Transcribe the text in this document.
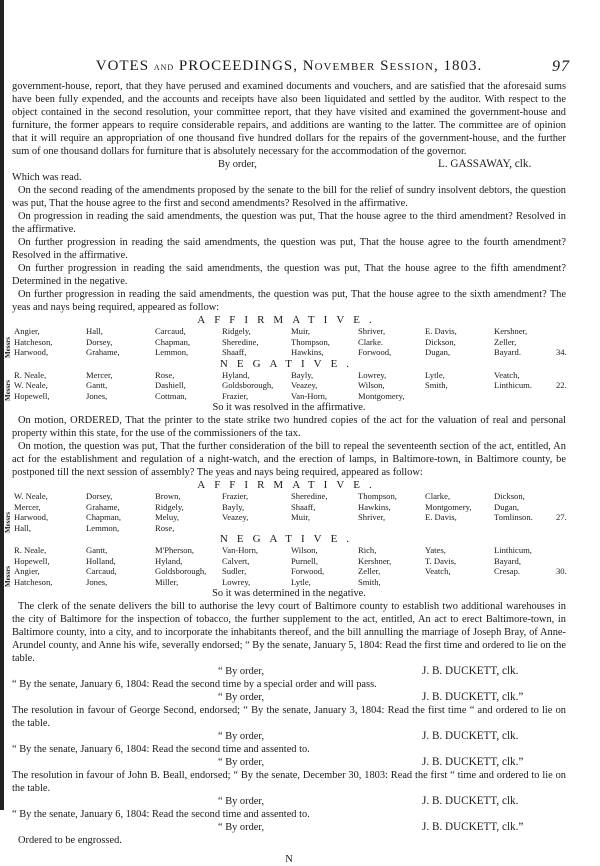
VOTES and PROCEEDINGS, November Session, 1803.	97

government-house, report, that they have perused and examined documents and vouchers, and are satisfied that the aforesaid sums have been fully expended, and the accounts and receipts have also been liquidated and settled by the auditor. With respect to the object contained in the second resolution, your committee report, that they have visited and examined the government-house and furniture, the former appears to require considerable repairs, and additions are wanting to the latter. The committee are of opinion that it will require an appropriation of one thousand five hundred dollars for the repairs of the government-house, and the further sum of one thousand dollars for furniture that is absolutely necessary for the accommodation of the governor.

By order,	L. GASSAWAY, clk.

Which was read.

On the second reading of the amendments proposed by the senate to the bill for the relief of sundry insolvent debtors, the question was put, That the house agree to the first and second amendments? Resolved in the affirmative.

On progression in reading the said amendments, the question was put, That the house agree to the third amendment? Resolved in the affirmative.

On further progression in reading the said amendments, the question was put, That the house agree to the fourth amendment? Resolved in the affirmative.

On further progression in reading the said amendments, the question was put, That the house agree to the fifth amendment? Determined in the negative.

On further progression in reading the said amendments, the question was put, That the house agree to the sixth amendment? The yeas and nays being required, appeared as follow:

AFFIRMATIVE.
Messrs
Angier,	Hall,	Carcaud,	Ridgely,	Muir,	Shriver,	E. Davis,	Kershner,
Hatcheson,	Dorsey,	Chapman,	Sheredine,	Thompson,	Clarke.	Dickson,	Zeller,
Harwood,	Grahame,	Lemmon,	Shaaff,	Hawkins,	Forwood,	Dugan,	Bayard.	34.
NEGATIVE.
Messrs
R. Neale,	Mercer,	Rose,	Hyland,	Bayly,	Lowrey,	Lytle,	Veatch,
W. Neale,	Gantt,	Dashiell,	Goldsborough, Veazey,	Wilson,	Smith,	Linthicum.	22.
Hopewell,	Jones,	Cottman,	Frazier,	Van-Horn,	Montgomery,
So it was resolved in the affirmative.

On motion, ORDERED, That the printer to the state strike two hundred copies of the act for the valuation of real and personal property within this state, for the use of the commissioners of the tax.

On motion, the question was put, That the further consideration of the bill to repeal the seventeenth section of the act, entitled, An act for the establishment and regulation of a night-watch, and the erection of lamps, in Baltimore-town, in Baltimore county, be postponed till the next session of assembly? The yeas and nays being required, appeared as follow:

AFFIRMATIVE.
Messrs
W. Neale,	Dorsey,	Brown,	Frazier,	Sheredine,	Thompson,	Clarke,	Dickson,
Mercer,	Grahame,	Ridgely,	Bayly,	Shaaff,	Hawkins,	Montgomery,	Dugan,
Harwood,	Chapman,	Meluy,	Veazey,	Muir,	Shriver,	E. Davis,	Tomlinson.	27.
Hall,	Lemmon,	Rose,
NEGATIVE.
Messrs
R. Neale,	Gantt,	M'Pherson,	Van-Horn,	Wilson,	Rich,	Yates,	Linthicum,
Hopewell,	Holland,	Hyland,	Calvert,	Purnell,	Kershner,	T. Davis,	Bayard,
Angier,	Carcaud,	Goldsborough, Sudler,	Forwood,	Zeller,	Veatch,	Cresap.	30.
Hatcheson,	Jones,	Miller,	Lowrey,	Lytle,	Smith,
So it was determined in the negative.

The clerk of the senate delivers the bill to authorise the levy court of Baltimore county to establish two additional warehouses in the city of Baltimore for the inspection of tobacco, the further supplement to the act, entitled, An act to erect Baltimore-town, in Baltimore county, into a city, and to incorporate the inhabitants thereof, and the bill annulling the marriage of Joseph Bray, of Anne-Arundel county, and Anne his wife, severally endorsed; “ By the senate, January 5, 1804: Read the first time and ordered to lie on the table.

“ By order,	J. B. DUCKETT, clk.

“ By the senate, January 6, 1804: Read the second time by a special order and will pass.

“ By order,	J. B. DUCKETT, clk.”

The resolution in favour of George Second, endorsed; “ By the senate, January 3, 1804: Read the first time “ and ordered to lie on the table.

“ By order,	J. B. DUCKETT, clk.

“ By the senate, January 6, 1804: Read the second time and assented to.

“ By order,	J. B. DUCKETT, clk.”

The resolution in favour of John B. Beall, endorsed; “ By the senate, December 30, 1803: Read the first “ time and ordered to lie on the table.

“ By order,	J. B. DUCKETT, clk.

“ By the senate, January 6, 1804: Read the second time and assented to.

“ By order,	J. B. DUCKETT, clk.”

Ordered to be engrossed.

N
